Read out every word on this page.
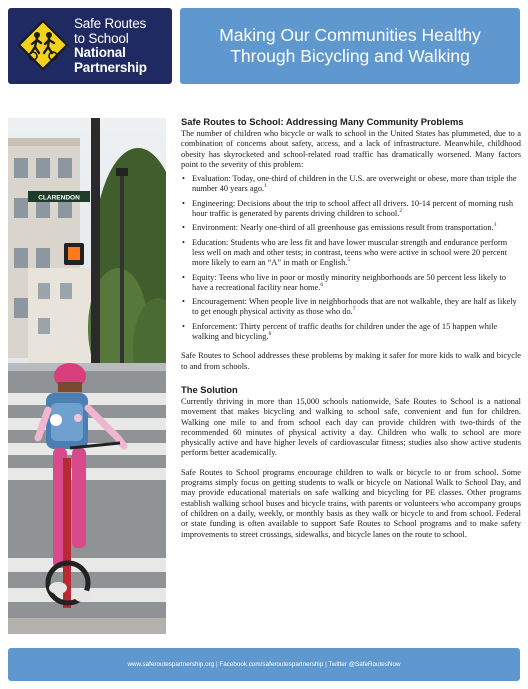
Safe Routes
to School
National
Partnership
Making Our Communities Healthy
Through Bicycling and Walking
CLARENDON
Safe Routes to School: Addressing Many Community Problems

The number of children who bicycle or walk to school in the United States has plummeted, due to a combination of concerns about safety, access, and a lack of infrastructure. Meanwhile, childhood obesity has skyrocketed and school-related road traffic has dramatically worsened. Many factors point to the severity of this problem:

• Evaluation: Today, one-third of children in the U.S. are overweight or obese, more than triple the number 40 years ago.$^1$
• Engineering: Decisions about the trip to school affect all drivers. 10-14 percent of morning rush hour traffic is generated by parents driving children to school.$^2$
• Environment: Nearly one-third of all greenhouse gas emissions result from transportation.$^3$
• Education: Students who are less fit and have lower muscular strength and endurance perform less well on math and other tests; in contrast, teens who were active in school were 20 percent more likely to earn an “A” in math or English.$^5$
• Equity: Teens who live in poor or mostly minority neighborhoods are 50 percent less likely to have a recreational facility near home.$^6$
• Encouragement: When people live in neighborhoods that are not walkable, they are half as likely to get enough physical activity as those who do.$^7$
• Enforcement: Thirty percent of traffic deaths for children under the age of 15 happen while walking and bicycling.$^8$

Safe Routes to School addresses these problems by making it safer for more kids to walk and bicycle to and from schools.

The Solution

Currently thriving in more than 15,000 schools nationwide, Safe Routes to School is a national movement that makes bicycling and walking to school safe, convenient and fun for children. Walking one mile to and from school each day can provide children with two-thirds of the recommended 60 minutes of physical activity a day. Children who walk to school are more physically active and have higher levels of cardiovascular fitness; studies also show active students perform better academically.

Safe Routes to School programs encourage children to walk or bicycle to or from school. Some programs simply focus on getting students to walk or bicycle on National Walk to School Day, and may provide educational materials on safe walking and bicycling for PE classes. Other programs establish walking school buses and bicycle trains, with parents or volunteers who accompany groups of children on a daily, weekly, or monthly basis as they walk or bicycle to and from school. Federal or state funding is often available to support Safe Routes to School programs and to make safety improvements to street crossings, sidewalks, and bicycle lanes on the route to school.

www.saferoutespartnership.org | Facebook.com/saferoutespartnership | Twitter @SafeRoutesNow
